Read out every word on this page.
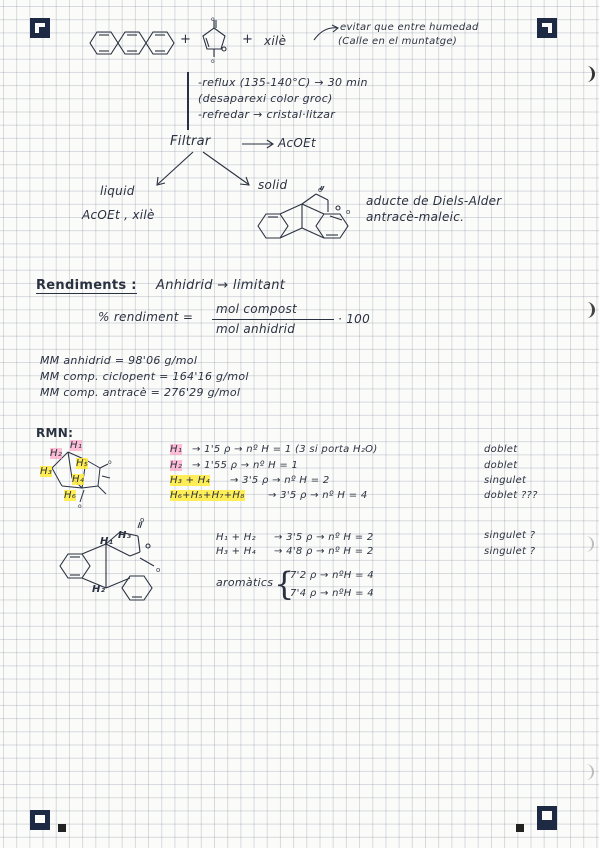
+
o
o
+ xilè
evitar que entre humedad
(Calle en el muntatge)
-reflux (135-140°C) → 30 min
(desaparexi color groc)
-refredar → cristal·litzar
Filtrar	AcOEt
liquid
AcOEt , xilè
solid	o
o
aducte de Diels-Alder
antracè-maleic.
Rendiments : Anhidrid → limitant
% rendiment =
mol compost
mol anhidrid
· 100
MM anhidrid = 98'06 g/mol
MM comp. ciclopent = 164'16 g/mol
MM comp. antracè = 276'29 g/mol
RMN:
o
o
H₁
H₂
H₃
H₄
H₅
H₆
H₁ → 1'5 ρ → nº H = 1 (3 si porta H₂O)	doblet
H₂ → 1'55 ρ → nº H = 1	doblet
H₃ + H₄ → 3'5 ρ → nº H = 2	singulet
H₆+H₅+H₇+H₈ → 3'5 ρ → nº H = 4	doblet ???
o
o
H₁
H₃
H₂
H₁ + H₂ → 3'5 ρ → nº H = 2	singulet ?
H₃ + H₄ → 4'8 ρ → nº H = 2	singulet ?
aromàtics {
7'2 ρ → nºH = 4
7'4 ρ → nºH = 4
